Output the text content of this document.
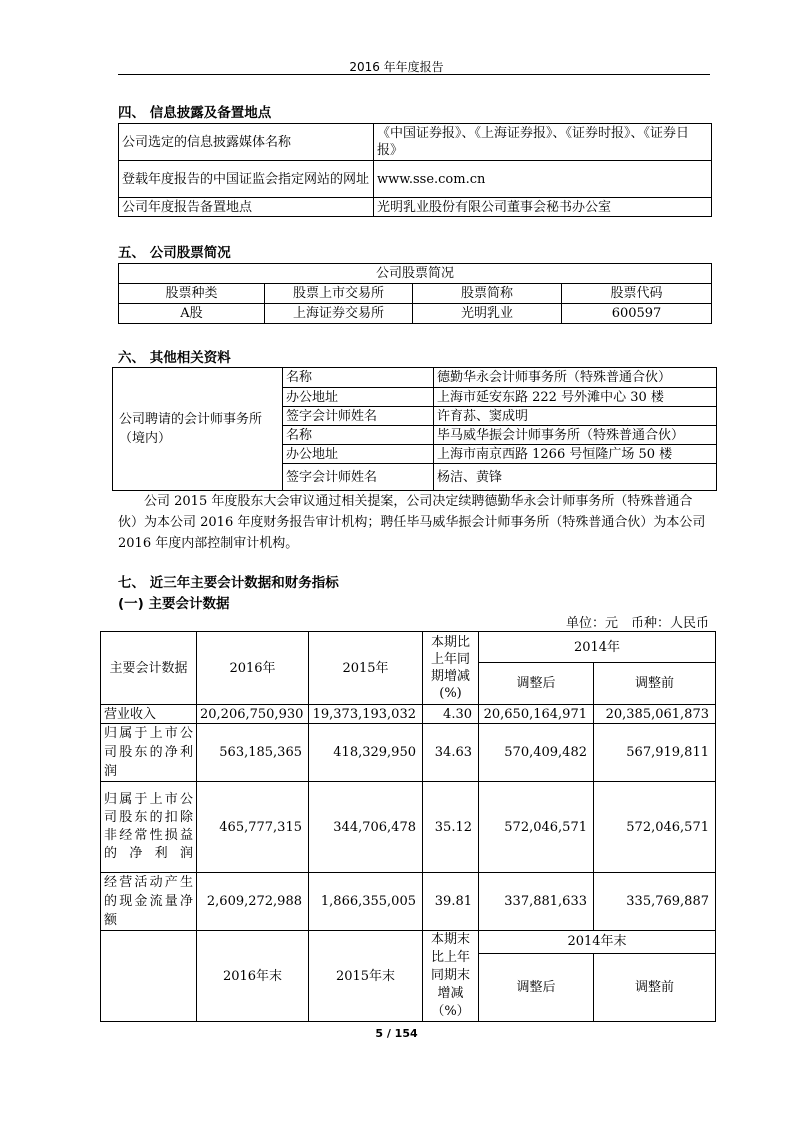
2016 年年度报告
四、 信息披露及备置地点
公司选定的信息披露媒体名称	《中国证券报》、《上海证券报》、《证券时报》、《证券日报》
登载年度报告的中国证监会指定网站的网址	www.sse.com.cn
公司年度报告备置地点	光明乳业股份有限公司董事会秘书办公室
五、 公司股票简况
公司股票简况			
股票种类	股票上市交易所	股票简称	股票代码
A股	上海证券交易所	光明乳业	600597
六、 其他相关资料
公司聘请的会计师事务所（境内）	名称	德勤华永会计师事务所（特殊普通合伙）
	办公地址	上海市延安东路 222 号外滩中心 30 楼
	签字会计师姓名	许育荪、窦成明
	名称	毕马威华振会计师事务所（特殊普通合伙）
	办公地址	上海市南京西路 1266 号恒隆广场 50 楼
	签字会计师姓名	杨洁、黄锋
公司 2015 年度股东大会审议通过相关提案，公司决定续聘德勤华永会计师事务所（特殊普通合伙）为本公司 2016 年度财务报告审计机构；聘任毕马威华振会计师事务所（特殊普通合伙）为本公司 2016 年度内部控制审计机构。
七、 近三年主要会计数据和财务指标
(一) 主要会计数据
单位：元　币种：人民币
主要会计数据	2016年	2015年	本期比上年同期增减(%)	2014年	
				调整后	调整前
营业收入	20,206,750,930	19,373,193,032	4.30	20,650,164,971	20,385,061,873
归属于上市公司股东的净利润	563,185,365	418,329,950	34.63	570,409,482	567,919,811
归属于上市公司股东的扣除非经常性损益的净利润	465,777,315	344,706,478	35.12	572,046,571	572,046,571
经营活动产生的现金流量净额	2,609,272,988	1,866,355,005	39.81	337,881,633	335,769,887
	2016年末	2015年末	本期末比上年同期末增减（%）	2014年末	
				调整后	调整前
5 / 154
